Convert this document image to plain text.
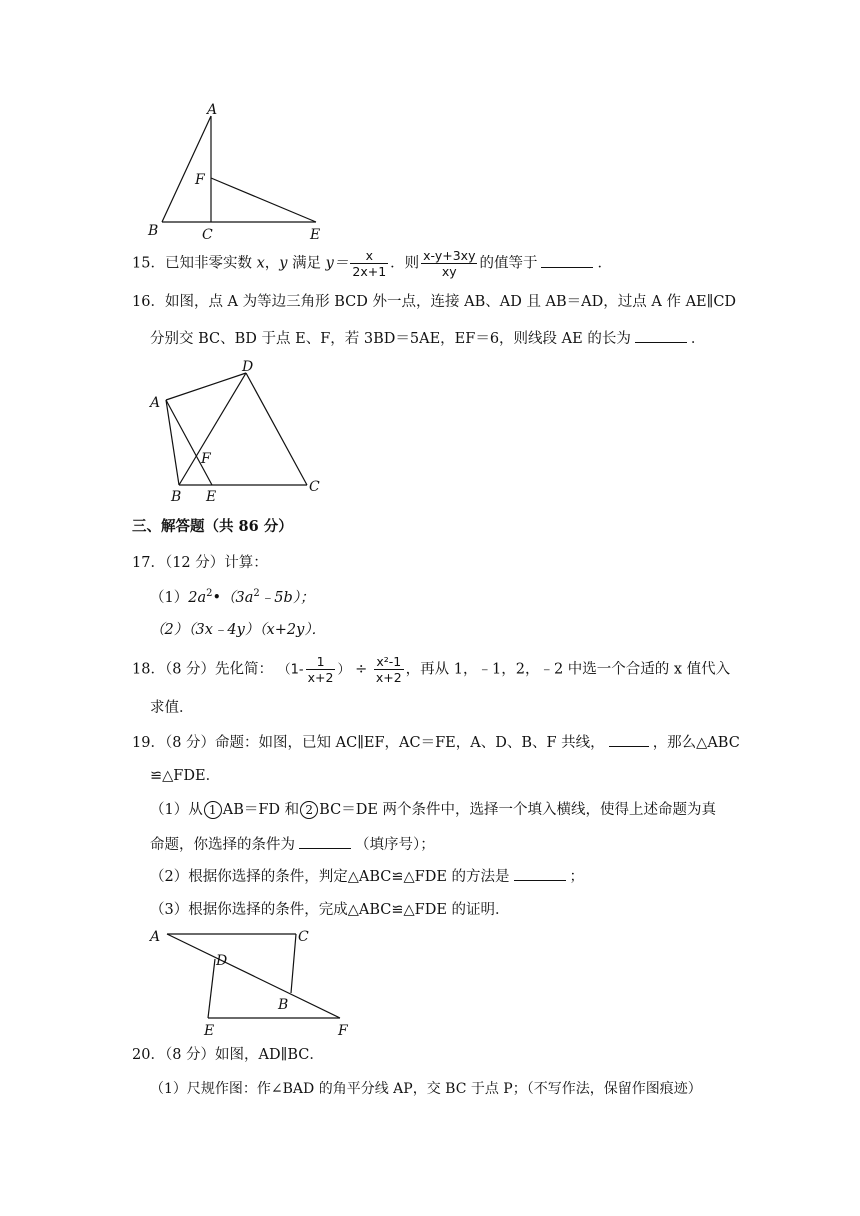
A
F
B	C	E
15．已知非零实数 x，y 满足 $y= \frac{x}{2x+1}$ ．则 $\frac{x-y+3xy}{xy}$ 的值等于	．
16．如图，点 A 为等边三角形 BCD 外一点，连接 AB、AD 且 AB＝AD，过点 A 作 AE∥CD
分别交 BC、BD 于点 E、F，若 3BD＝5AE，EF＝6，则线段 AE 的长为	．
D
A
F
B E
C
三、解答题（共 86 分）
17．（12 分）计算：
$(1)2a^2•(3a^2﹣5b)$；
（2）（3x﹣4y）（x+2y）．
18．（8 分）先化简： （$1- \frac{1}{x+2}$ ） ÷ $\frac{\text{x²-1}}{x+2}$ ，再从 1，﹣1，2，﹣2 中选一个合适的 x 值代入
求值．
19．（8 分）命题：如图，已知 AC∥EF，AC＝FE，A、D、B、F 共线，	，那么△ABC
≌△FDE．
（1）从 1 AB＝FD 和 2 BC＝DE 两个条件中，选择一个填入横线，使得上述命题为真
命题，你选择的条件为	（填序号）；
（2）根据你选择的条件，判定△ABC≌△FDE 的方法是	；
（3）根据你选择的条件，完成△ABC≌△FDE 的证明．
A
D
C
B
E	F
20．（8 分）如图，AD∥BC．
（1）尺规作图：作∠BAD 的角平分线 AP，交 BC 于点 P；（不写作法，保留作图痕迹）
